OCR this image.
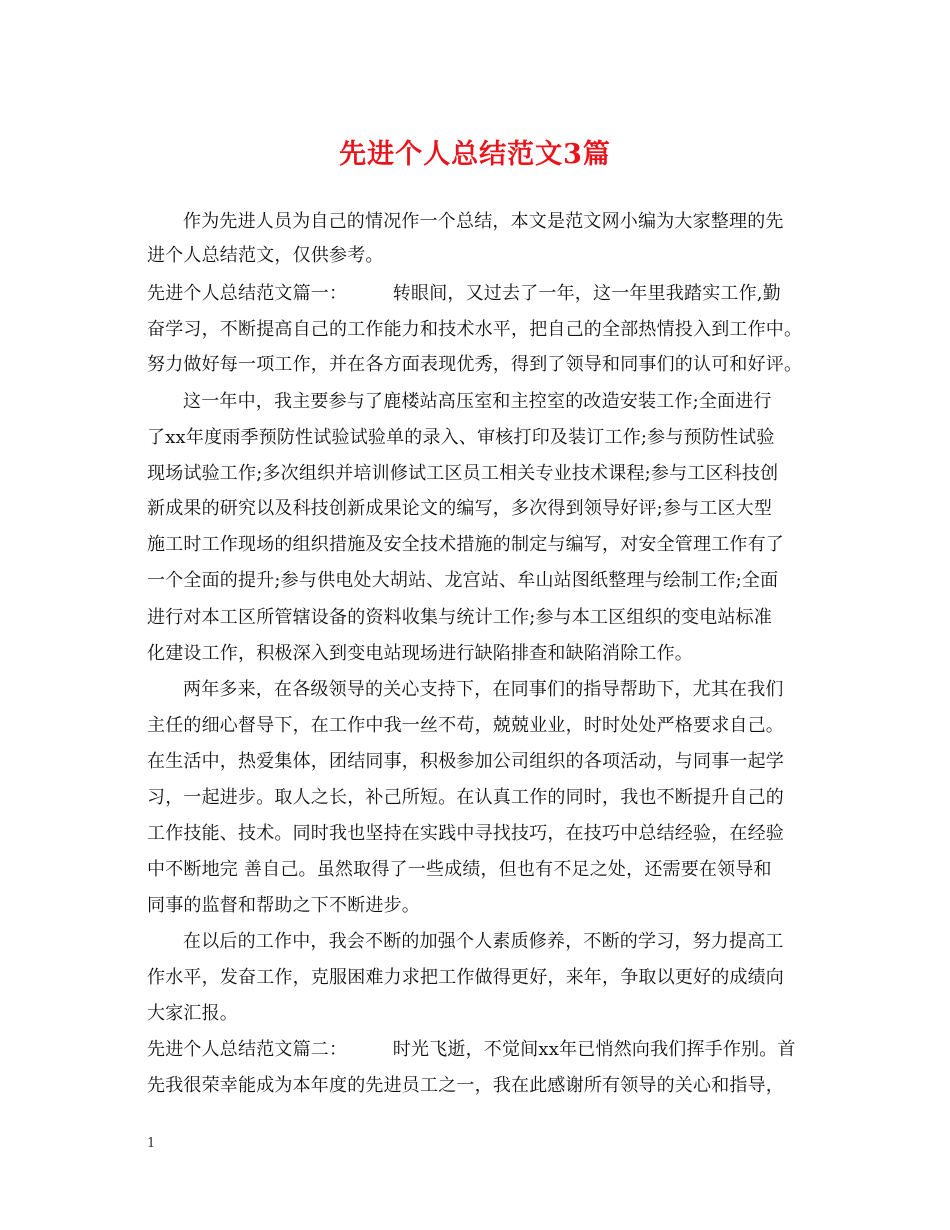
先进个人总结范文3篇
作为先进人员为自己的情况作一个总结，本文是范文网小编为大家整理的先
进个人总结范文，仅供参考。
先进个人总结范文篇一：　　　转眼间，又过去了一年，这一年里我踏实工作,勤
奋学习，不断提高自己的工作能力和技术水平，把自己的全部热情投入到工作中。
努力做好每一项工作，并在各方面表现优秀，得到了领导和同事们的认可和好评。
这一年中，我主要参与了鹿楼站高压室和主控室的改造安装工作;全面进行
了xx年度雨季预防性试验试验单的录入、审核打印及装订工作;参与预防性试验
现场试验工作;多次组织并培训修试工区员工相关专业技术课程;参与工区科技创
新成果的研究以及科技创新成果论文的编写，多次得到领导好评;参与工区大型
施工时工作现场的组织措施及安全技术措施的制定与编写，对安全管理工作有了
一个全面的提升;参与供电处大胡站、龙宫站、牟山站图纸整理与绘制工作;全面
进行对本工区所管辖设备的资料收集与统计工作;参与本工区组织的变电站标准
化建设工作，积极深入到变电站现场进行缺陷排查和缺陷消除工作。
两年多来，在各级领导的关心支持下，在同事们的指导帮助下，尤其在我们
主任的细心督导下，在工作中我一丝不苟，兢兢业业，时时处处严格要求自己。
在生活中，热爱集体，团结同事，积极参加公司组织的各项活动，与同事一起学
习，一起进步。取人之长，补己所短。在认真工作的同时，我也不断提升自己的
工作技能、技术。同时我也坚持在实践中寻找技巧，在技巧中总结经验，在经验
中不断地完 善自己。虽然取得了一些成绩，但也有不足之处，还需要在领导和
同事的监督和帮助之下不断进步。
在以后的工作中，我会不断的加强个人素质修养，不断的学习，努力提高工
作水平，发奋工作，克服困难力求把工作做得更好，来年，争取以更好的成绩向
大家汇报。
先进个人总结范文篇二：　　　时光飞逝，不觉间xx年已悄然向我们挥手作别。首
先我很荣幸能成为本年度的先进员工之一，我在此感谢所有领导的关心和指导，
1
